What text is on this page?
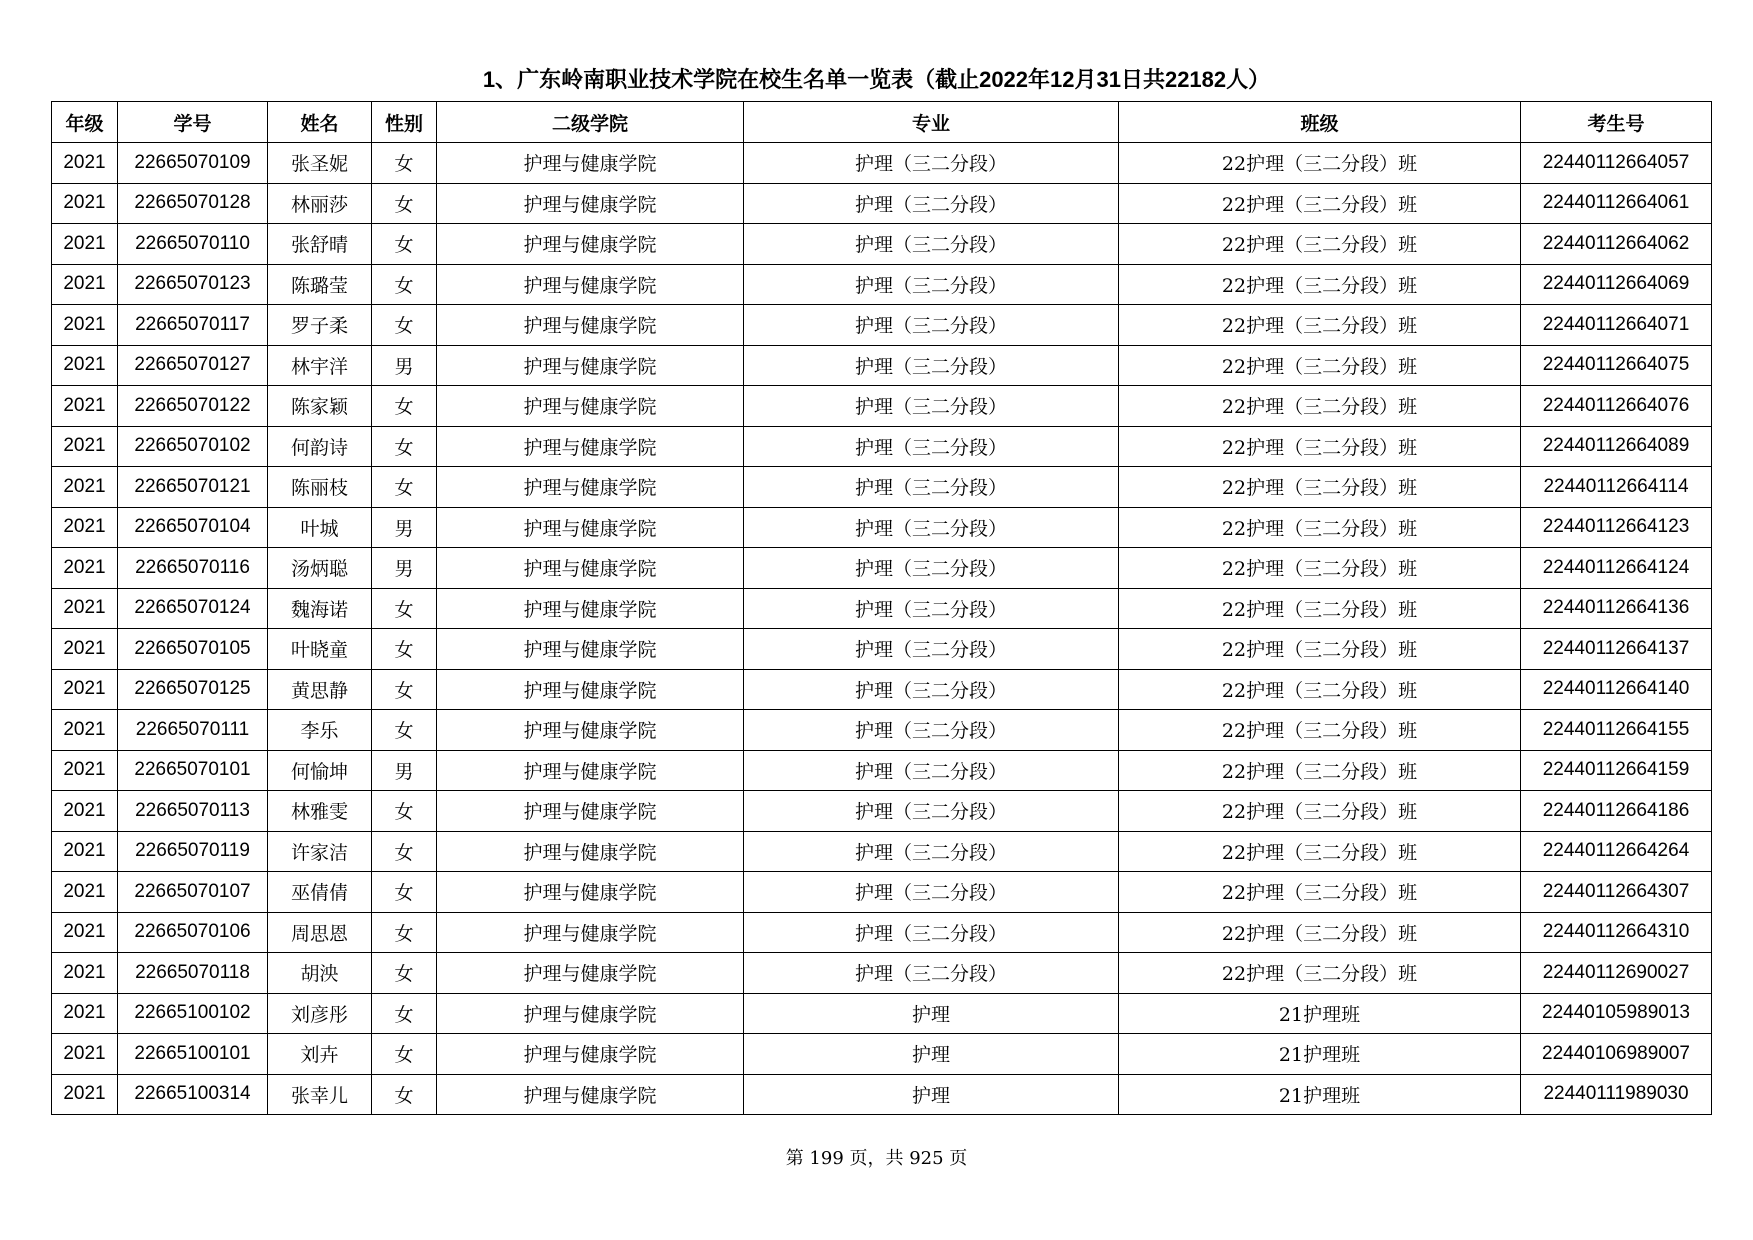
1、广东岭南职业技术学院在校生名单一览表（截止2022年12月31日共22182人）
年级	学号	姓名	性别	二级学院	专业	班级	考生号
2021	22665070109	张圣妮	女	护理与健康学院	护理（三二分段）	22护理（三二分段）班	22440112664057
2021	22665070128	林丽莎	女	护理与健康学院	护理（三二分段）	22护理（三二分段）班	22440112664061
2021	22665070110	张舒晴	女	护理与健康学院	护理（三二分段）	22护理（三二分段）班	22440112664062
2021	22665070123	陈璐莹	女	护理与健康学院	护理（三二分段）	22护理（三二分段）班	22440112664069
2021	22665070117	罗子柔	女	护理与健康学院	护理（三二分段）	22护理（三二分段）班	22440112664071
2021	22665070127	林宇洋	男	护理与健康学院	护理（三二分段）	22护理（三二分段）班	22440112664075
2021	22665070122	陈家颖	女	护理与健康学院	护理（三二分段）	22护理（三二分段）班	22440112664076
2021	22665070102	何韵诗	女	护理与健康学院	护理（三二分段）	22护理（三二分段）班	22440112664089
2021	22665070121	陈丽枝	女	护理与健康学院	护理（三二分段）	22护理（三二分段）班	22440112664114
2021	22665070104	叶城	男	护理与健康学院	护理（三二分段）	22护理（三二分段）班	22440112664123
2021	22665070116	汤炳聪	男	护理与健康学院	护理（三二分段）	22护理（三二分段）班	22440112664124
2021	22665070124	魏海诺	女	护理与健康学院	护理（三二分段）	22护理（三二分段）班	22440112664136
2021	22665070105	叶晓童	女	护理与健康学院	护理（三二分段）	22护理（三二分段）班	22440112664137
2021	22665070125	黄思静	女	护理与健康学院	护理（三二分段）	22护理（三二分段）班	22440112664140
2021	22665070111	李乐	女	护理与健康学院	护理（三二分段）	22护理（三二分段）班	22440112664155
2021	22665070101	何愉坤	男	护理与健康学院	护理（三二分段）	22护理（三二分段）班	22440112664159
2021	22665070113	林雅雯	女	护理与健康学院	护理（三二分段）	22护理（三二分段）班	22440112664186
2021	22665070119	许家洁	女	护理与健康学院	护理（三二分段）	22护理（三二分段）班	22440112664264
2021	22665070107	巫倩倩	女	护理与健康学院	护理（三二分段）	22护理（三二分段）班	22440112664307
2021	22665070106	周思恩	女	护理与健康学院	护理（三二分段）	22护理（三二分段）班	22440112664310
2021	22665070118	胡泱	女	护理与健康学院	护理（三二分段）	22护理（三二分段）班	22440112690027
2021	22665100102	刘彦彤	女	护理与健康学院	护理	21护理班	22440105989013
2021	22665100101	刘卉	女	护理与健康学院	护理	21护理班	22440106989007
2021	22665100314	张幸儿	女	护理与健康学院	护理	21护理班	22440111989030
第 199 页，共 925 页
